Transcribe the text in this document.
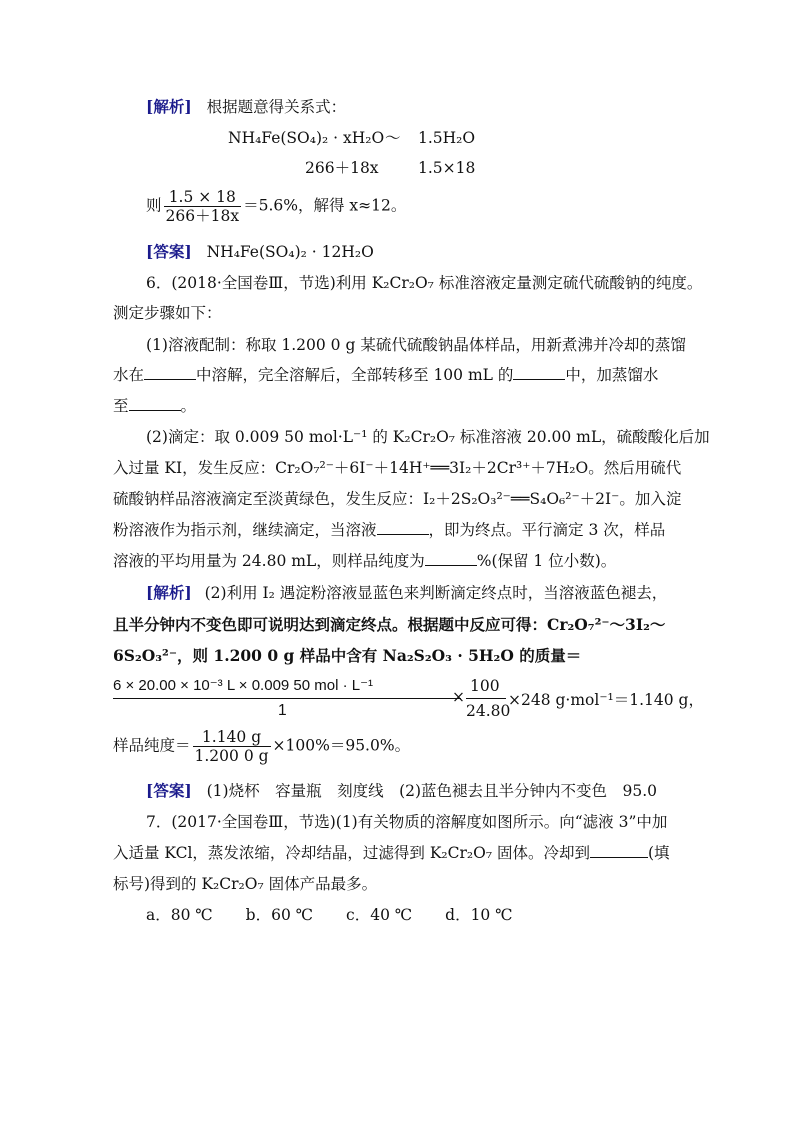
[解析] 根据题意得关系式：
NH₄Fe(SO₄)₂ · xH₂O ～ 1.5H₂O
266＋18x	1.5×18
则 $\frac{1.5 \times 18}{266+18x} =5.6\%$，解得 x≈12。
[答案] NH₄Fe(SO₄)₂ · 12H₂O
6．(2018·全国卷Ⅲ，节选)利用 K₂Cr₂O₇ 标准溶液定量测定硫代硫酸钠的纯度。
测定步骤如下：
(1)溶液配制：称取 1.200 0 g 某硫代硫酸钠晶体样品，用新煮沸并冷却的蒸馏
水在	中溶解，完全溶解后，全部转移至 100 mL 的	中，加蒸馏水
至	。
(2)滴定：取 0.009 50 mol·L⁻¹ 的 K₂Cr₂O₇ 标准溶液 20.00 mL，硫酸酸化后加
入过量 KI，发生反应：Cr₂O₇²⁻＋6I⁻＋14H⁺══3I₂＋2Cr³⁺＋7H₂O。然后用硫代
硫酸钠样品溶液滴定至淡黄绿色，发生反应：I₂＋2S₂O₃²⁻══S₄O₆²⁻＋2I⁻。加入淀
粉溶液作为指示剂，继续滴定，当溶液	，即为终点。平行滴定 3 次，样品
溶液的平均用量为 24.80 mL，则样品纯度为	%(保留 1 位小数)。
[解析] (2)利用 I₂ 遇淀粉溶液显蓝色来判断滴定终点时，当溶液蓝色褪去，
且半分钟内不变色即可说明达到滴定终点。根据题中反应可得：Cr₂O₇²⁻～3I₂～
6S₂O₃²⁻，则 1.200 0 g 样品中含有 Na₂S₂O₃ · 5H₂O 的质量＝
6 × 20.00 × 10⁻³ L × 0.009 50 mol · L⁻¹
1
×
100
24.80
×248 g·mol⁻¹＝1.140 g，
样品纯度＝ $\frac{1.140 g}{1.200 0 g} \times 100\%=95.0\%$。
[答案] (1)烧杯　容量瓶　刻度线　(2)蓝色褪去且半分钟内不变色　95.0
7．(2017·全国卷Ⅲ，节选)(1)有关物质的溶解度如图所示。向“滤液 3”中加
入适量 KCl，蒸发浓缩，冷却结晶，过滤得到 K₂Cr₂O₇ 固体。冷却到	(填
标号)得到的 K₂Cr₂O₇ 固体产品最多。
a．80 ℃ b．60 ℃ c．40 ℃ d．10 ℃
